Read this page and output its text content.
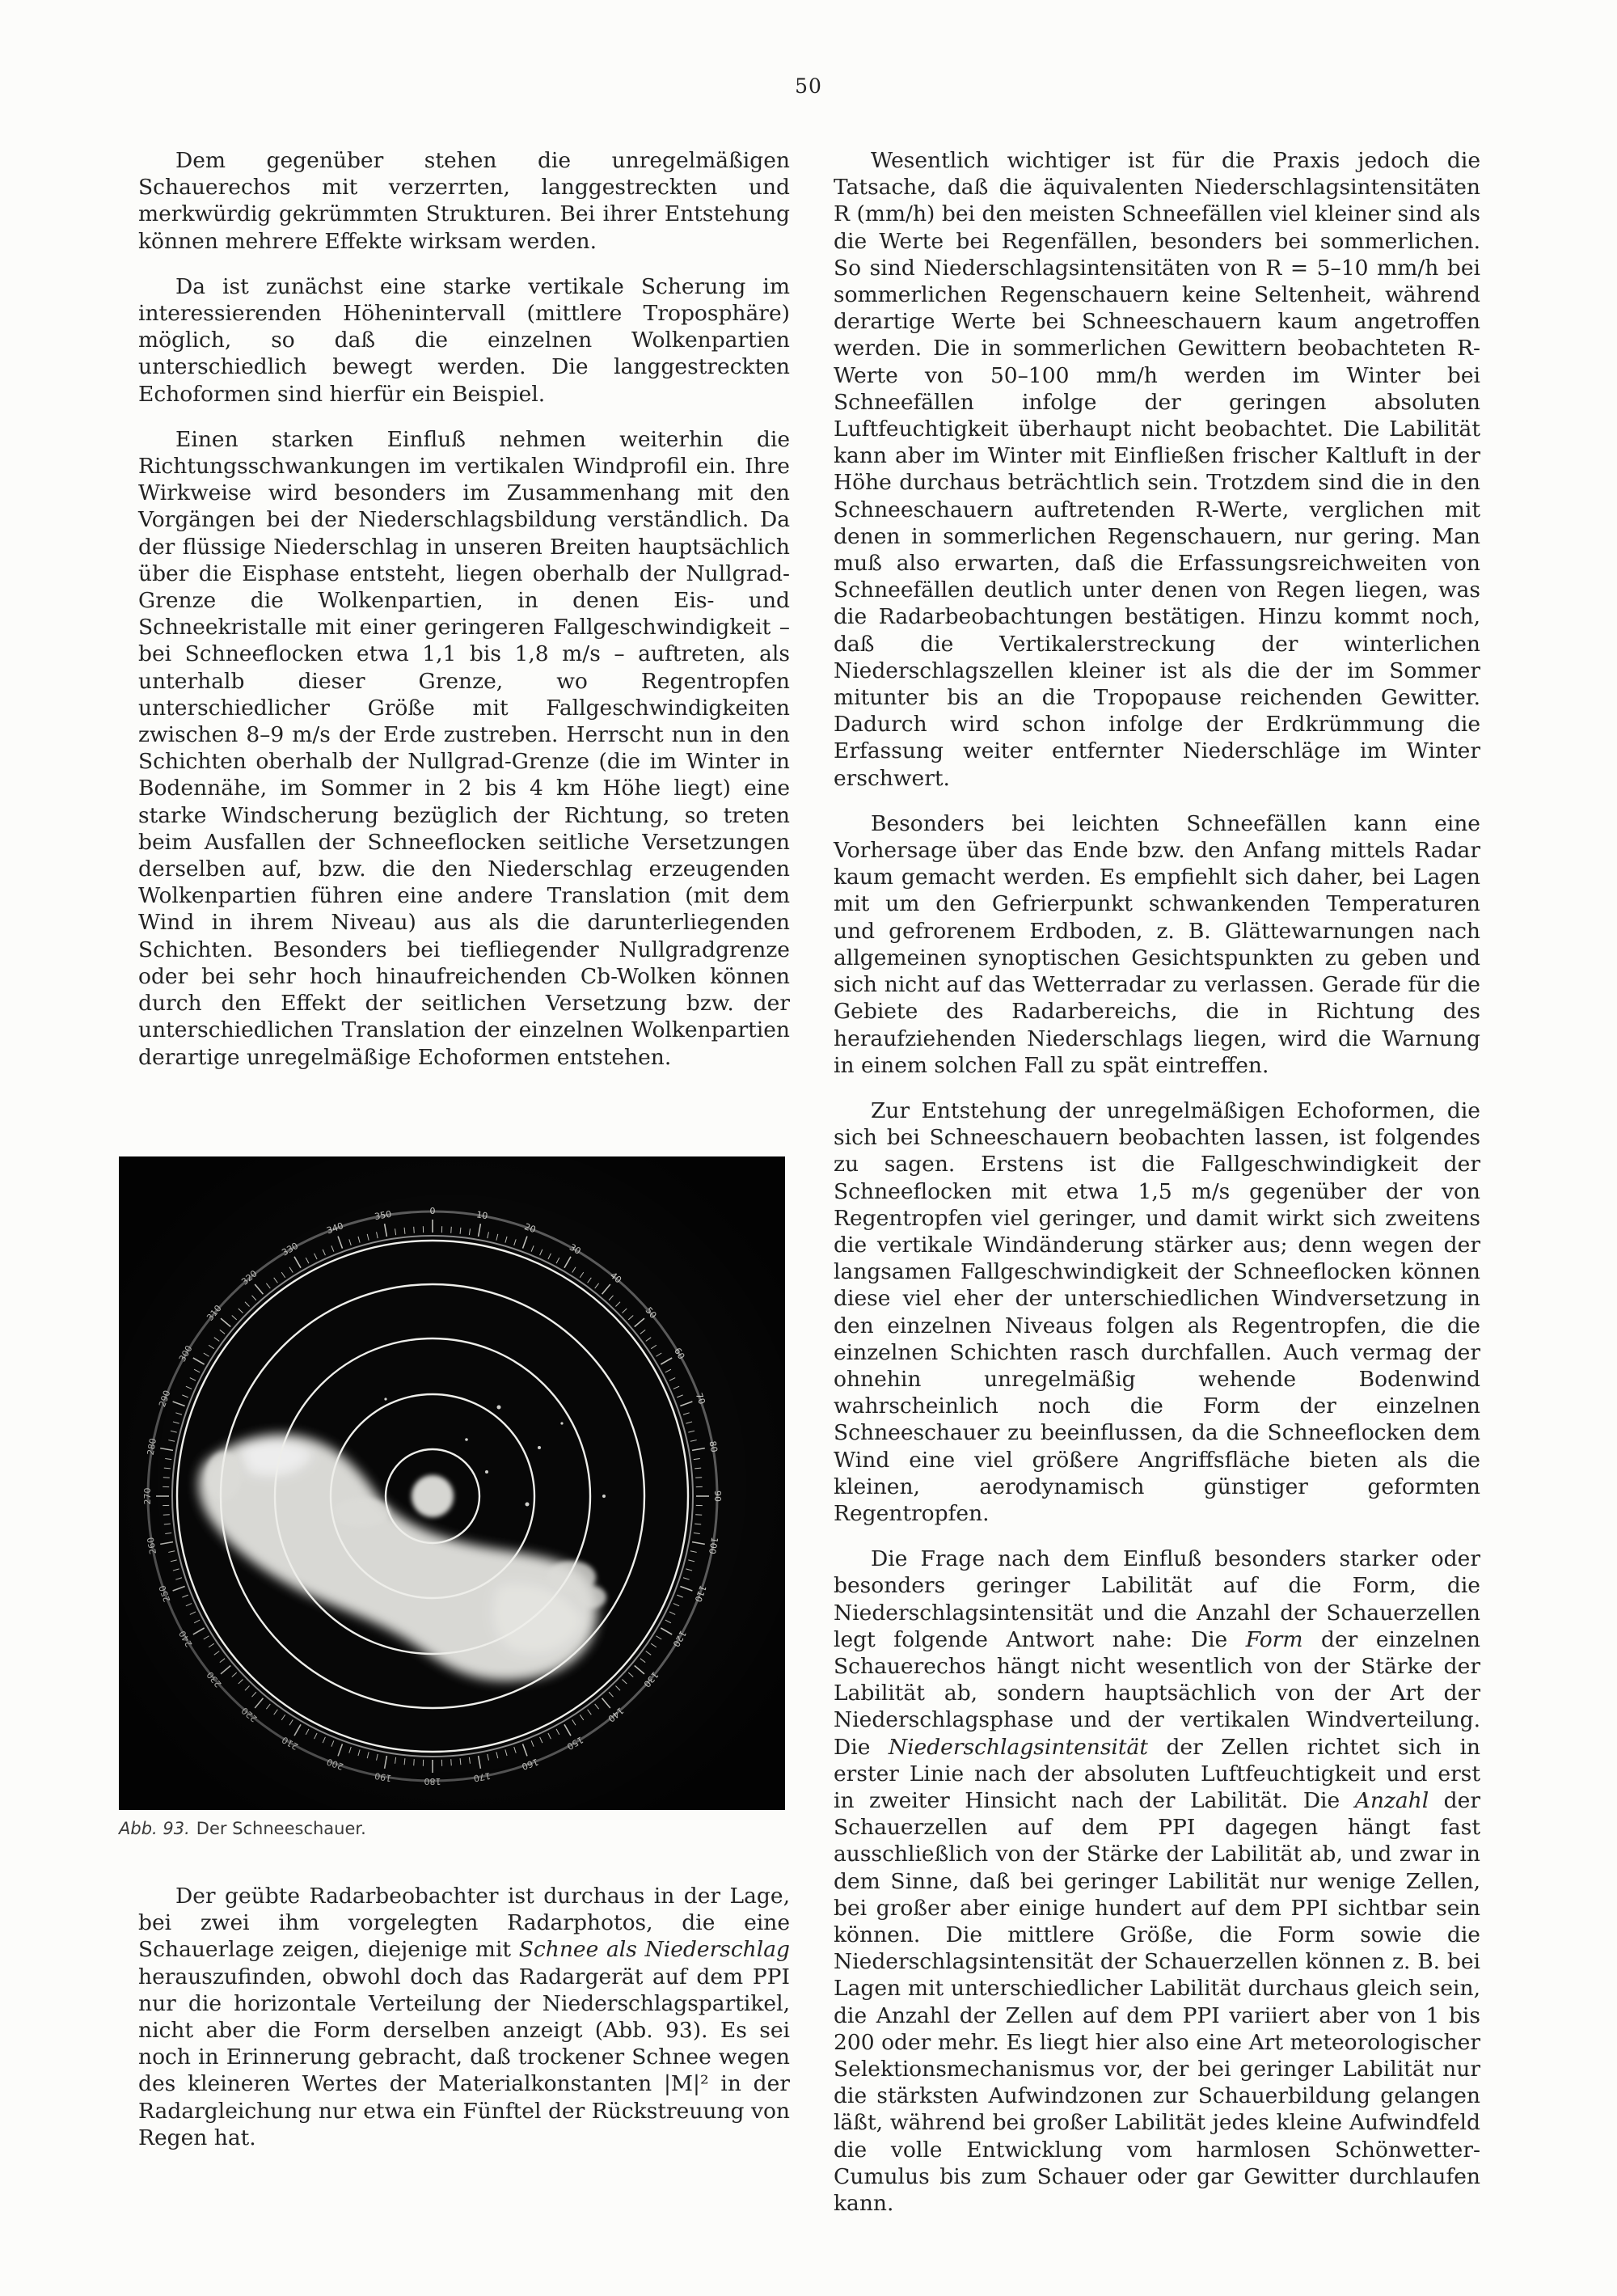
50

Dem gegenüber stehen die unregelmäßigen Schauerechos mit verzerrten, langgestreckten und merkwürdig gekrümmten Strukturen. Bei ihrer Entstehung können mehrere Effekte wirksam werden.

Da ist zunächst eine starke vertikale Scherung im interessierenden Höhenintervall (mittlere Troposphäre) möglich, so daß die einzelnen Wolkenpartien unterschiedlich bewegt werden. Die langgestreckten Echoformen sind hierfür ein Beispiel.

Einen starken Einfluß nehmen weiterhin die Richtungsschwankungen im vertikalen Windprofil ein. Ihre Wirkweise wird besonders im Zusammenhang mit den Vorgängen bei der Niederschlagsbildung verständlich. Da der flüssige Niederschlag in unseren Breiten hauptsächlich über die Eisphase entsteht, liegen oberhalb der Nullgrad-Grenze die Wolkenpartien, in denen Eis- und Schneekristalle mit einer geringeren Fallgeschwindigkeit – bei Schneeflocken etwa 1,1 bis 1,8 m/s – auftreten, als unterhalb dieser Grenze, wo Regentropfen unterschiedlicher Größe mit Fallgeschwindigkeiten zwischen 8–9 m/s der Erde zustreben. Herrscht nun in den Schichten oberhalb der Nullgrad-Grenze (die im Winter in Bodennähe, im Sommer in 2 bis 4 km Höhe liegt) eine starke Windscherung bezüglich der Richtung, so treten beim Ausfallen der Schneeflocken seitliche Versetzungen derselben auf, bzw. die den Niederschlag erzeugenden Wolkenpartien führen eine andere Translation (mit dem Wind in ihrem Niveau) aus als die darunterliegenden Schichten. Besonders bei tiefliegender Nullgradgrenze oder bei sehr hoch hinaufreichenden Cb-Wolken können durch den Effekt der seitlichen Versetzung bzw. der unterschiedlichen Translation der einzelnen Wolkenpartien derartige unregelmäßige Echoformen entstehen.

Abb. 93. Der Schneeschauer.

Der geübte Radarbeobachter ist durchaus in der Lage, bei zwei ihm vorgelegten Radarphotos, die eine Schauerlage zeigen, diejenige mit Schnee als Niederschlag herauszufinden, obwohl doch das Radargerät auf dem PPI nur die horizontale Verteilung der Niederschlagspartikel, nicht aber die Form derselben anzeigt (Abb. 93). Es sei noch in Erinnerung gebracht, daß trockener Schnee wegen des kleineren Wertes der Materialkonstanten |M|² in der Radargleichung nur etwa ein Fünftel der Rückstreuung von Regen hat.

Wesentlich wichtiger ist für die Praxis jedoch die Tatsache, daß die äquivalenten Niederschlagsintensitäten R (mm/h) bei den meisten Schneefällen viel kleiner sind als die Werte bei Regenfällen, besonders bei sommerlichen. So sind Niederschlagsintensitäten von R = 5–10 mm/h bei sommerlichen Regenschauern keine Seltenheit, während derartige Werte bei Schneeschauern kaum angetroffen werden. Die in sommerlichen Gewittern beobachteten R-Werte von 50–100 mm/h werden im Winter bei Schneefällen infolge der geringen absoluten Luftfeuchtigkeit überhaupt nicht beobachtet. Die Labilität kann aber im Winter mit Einfließen frischer Kaltluft in der Höhe durchaus beträchtlich sein. Trotzdem sind die in den Schneeschauern auftretenden R-Werte, verglichen mit denen in sommerlichen Regenschauern, nur gering. Man muß also erwarten, daß die Erfassungsreichweiten von Schneefällen deutlich unter denen von Regen liegen, was die Radarbeobachtungen bestätigen. Hinzu kommt noch, daß die Vertikalerstreckung der winterlichen Niederschlagszellen kleiner ist als die der im Sommer mitunter bis an die Tropopause reichenden Gewitter. Dadurch wird schon infolge der Erdkrümmung die Erfassung weiter entfernter Niederschläge im Winter erschwert.

Besonders bei leichten Schneefällen kann eine Vorhersage über das Ende bzw. den Anfang mittels Radar kaum gemacht werden. Es empfiehlt sich daher, bei Lagen mit um den Gefrierpunkt schwankenden Temperaturen und gefrorenem Erdboden, z. B. Glättewarnungen nach allgemeinen synoptischen Gesichtspunkten zu geben und sich nicht auf das Wetterradar zu verlassen. Gerade für die Gebiete des Radarbereichs, die in Richtung des heraufziehenden Niederschlags liegen, wird die Warnung in einem solchen Fall zu spät eintreffen.

Zur Entstehung der unregelmäßigen Echoformen, die sich bei Schneeschauern beobachten lassen, ist folgendes zu sagen. Erstens ist die Fallgeschwindigkeit der Schneeflocken mit etwa 1,5 m/s gegenüber der von Regentropfen viel geringer, und damit wirkt sich zweitens die vertikale Windänderung stärker aus; denn wegen der langsamen Fallgeschwindigkeit der Schneeflocken können diese viel eher der unterschiedlichen Windversetzung in den einzelnen Niveaus folgen als Regentropfen, die die einzelnen Schichten rasch durchfallen. Auch vermag der ohnehin unregelmäßig wehende Bodenwind wahrscheinlich noch die Form der einzelnen Schneeschauer zu beeinflussen, da die Schneeflocken dem Wind eine viel größere Angriffsfläche bieten als die kleinen, aerodynamisch günstiger geformten Regentropfen.

Die Frage nach dem Einfluß besonders starker oder besonders geringer Labilität auf die Form, die Niederschlagsintensität und die Anzahl der Schauerzellen legt folgende Antwort nahe: Die Form der einzelnen Schauerechos hängt nicht wesentlich von der Stärke der Labilität ab, sondern hauptsächlich von der Art der Niederschlagsphase und der vertikalen Windverteilung. Die Niederschlagsintensität der Zellen richtet sich in erster Linie nach der absoluten Luftfeuchtigkeit und erst in zweiter Hinsicht nach der Labilität. Die Anzahl der Schauerzellen auf dem PPI dagegen hängt fast ausschließlich von der Stärke der Labilität ab, und zwar in dem Sinne, daß bei geringer Labilität nur wenige Zellen, bei großer aber einige hundert auf dem PPI sichtbar sein können. Die mittlere Größe, die Form sowie die Niederschlagsintensität der Schauerzellen können z. B. bei Lagen mit unterschiedlicher Labilität durchaus gleich sein, die Anzahl der Zellen auf dem PPI variiert aber von 1 bis 200 oder mehr. Es liegt hier also eine Art meteorologischer Selektionsmechanismus vor, der bei geringer Labilität nur die stärksten Aufwindzonen zur Schauerbildung gelangen läßt, während bei großer Labilität jedes kleine Aufwindfeld die volle Entwicklung vom harmlosen Schönwetter-Cumulus bis zum Schauer oder gar Gewitter durchlaufen kann.
